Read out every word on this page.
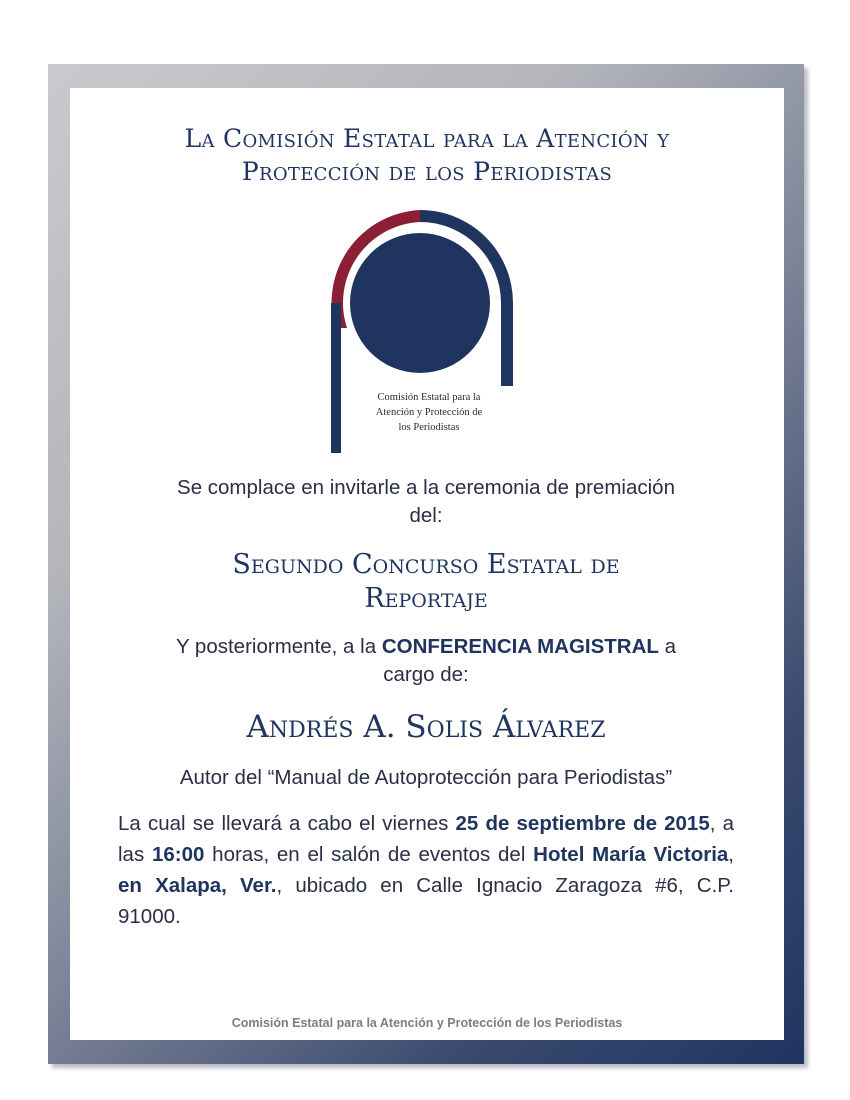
La Comisión Estatal para la Atención y
Protección de los Periodistas
Comisión Estatal para la
Atención y Protección de
los Periodistas
Se complace en invitarle a la ceremonia de premiación
del:
Segundo Concurso Estatal de
Reportaje
Y posteriormente, a la CONFERENCIA MAGISTRAL a
cargo de:
Andrés A. Solis Álvarez
Autor del “Manual de Autoprotección para Periodistas”
La cual se llevará a cabo el viernes 25 de septiembre de 2015, a las 16:00 horas, en el salón de eventos del Hotel María Victoria, en Xalapa, Ver., ubicado en Calle Ignacio Zaragoza #6, C.P. 91000.
Comisión Estatal para la Atención y Protección de los Periodistas
